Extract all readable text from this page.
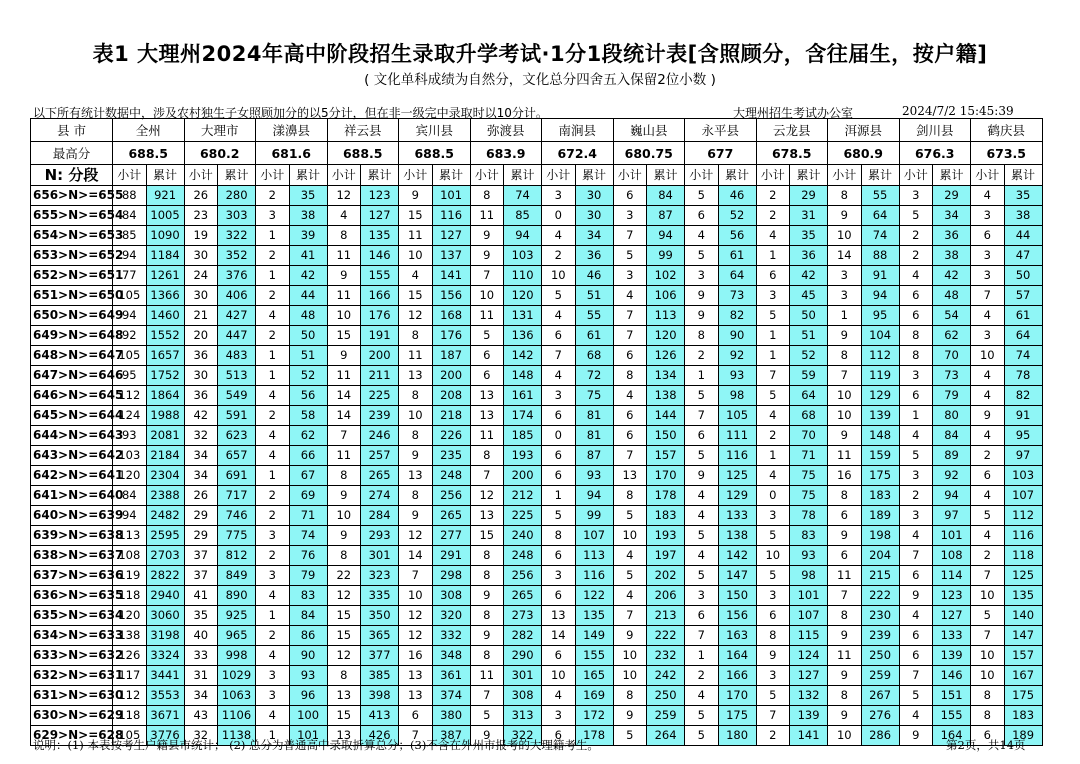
表1 大理州2024年高中阶段招生录取升学考试·1分1段统计表[含照顾分，含往届生，按户籍]
( 文化单科成绩为自然分，文化总分四舍五入保留2位小数 )
以下所有统计数据中，涉及农村独生子女照顾加分的以5分计，但在非一级完中录取时以10分计。	大理州招生考试办公室	2024/7/2 15:45:39
县 市	全州		大理市		漾濞县		祥云县		宾川县		弥渡县		南涧县		巍山县		永平县		云龙县		洱源县		剑川县		鹤庆县	
最高分	688.5		680.2		681.6		688.5		688.5		683.9		672.4		680.75		677		678.5		680.9		676.3		673.5	
N: 分段	小计	累计	小计	累计	小计	累计	小计	累计	小计	累计	小计	累计	小计	累计	小计	累计	小计	累计	小计	累计	小计	累计	小计	累计	小计	累计
656>N>=655	88	921	26	280	2	35	12	123	9	101	8	74	3	30	6	84	5	46	2	29	8	55	3	29	4	35
655>N>=654	84	1005	23	303	3	38	4	127	15	116	11	85	0	30	3	87	6	52	2	31	9	64	5	34	3	38
654>N>=653	85	1090	19	322	1	39	8	135	11	127	9	94	4	34	7	94	4	56	4	35	10	74	2	36	6	44
653>N>=652	94	1184	30	352	2	41	11	146	10	137	9	103	2	36	5	99	5	61	1	36	14	88	2	38	3	47
652>N>=651	77	1261	24	376	1	42	9	155	4	141	7	110	10	46	3	102	3	64	6	42	3	91	4	42	3	50
651>N>=650	105	1366	30	406	2	44	11	166	15	156	10	120	5	51	4	106	9	73	3	45	3	94	6	48	7	57
650>N>=649	94	1460	21	427	4	48	10	176	12	168	11	131	4	55	7	113	9	82	5	50	1	95	6	54	4	61
649>N>=648	92	1552	20	447	2	50	15	191	8	176	5	136	6	61	7	120	8	90	1	51	9	104	8	62	3	64
648>N>=647	105	1657	36	483	1	51	9	200	11	187	6	142	7	68	6	126	2	92	1	52	8	112	8	70	10	74
647>N>=646	95	1752	30	513	1	52	11	211	13	200	6	148	4	72	8	134	1	93	7	59	7	119	3	73	4	78
646>N>=645	112	1864	36	549	4	56	14	225	8	208	13	161	3	75	4	138	5	98	5	64	10	129	6	79	4	82
645>N>=644	124	1988	42	591	2	58	14	239	10	218	13	174	6	81	6	144	7	105	4	68	10	139	1	80	9	91
644>N>=643	93	2081	32	623	4	62	7	246	8	226	11	185	0	81	6	150	6	111	2	70	9	148	4	84	4	95
643>N>=642	103	2184	34	657	4	66	11	257	9	235	8	193	6	87	7	157	5	116	1	71	11	159	5	89	2	97
642>N>=641	120	2304	34	691	1	67	8	265	13	248	7	200	6	93	13	170	9	125	4	75	16	175	3	92	6	103
641>N>=640	84	2388	26	717	2	69	9	274	8	256	12	212	1	94	8	178	4	129	0	75	8	183	2	94	4	107
640>N>=639	94	2482	29	746	2	71	10	284	9	265	13	225	5	99	5	183	4	133	3	78	6	189	3	97	5	112
639>N>=638	113	2595	29	775	3	74	9	293	12	277	15	240	8	107	10	193	5	138	5	83	9	198	4	101	4	116
638>N>=637	108	2703	37	812	2	76	8	301	14	291	8	248	6	113	4	197	4	142	10	93	6	204	7	108	2	118
637>N>=636	119	2822	37	849	3	79	22	323	7	298	8	256	3	116	5	202	5	147	5	98	11	215	6	114	7	125
636>N>=635	118	2940	41	890	4	83	12	335	10	308	9	265	6	122	4	206	3	150	3	101	7	222	9	123	10	135
635>N>=634	120	3060	35	925	1	84	15	350	12	320	8	273	13	135	7	213	6	156	6	107	8	230	4	127	5	140
634>N>=633	138	3198	40	965	2	86	15	365	12	332	9	282	14	149	9	222	7	163	8	115	9	239	6	133	7	147
633>N>=632	126	3324	33	998	4	90	12	377	16	348	8	290	6	155	10	232	1	164	9	124	11	250	6	139	10	157
632>N>=631	117	3441	31	1029	3	93	8	385	13	361	11	301	10	165	10	242	2	166	3	127	9	259	7	146	10	167
631>N>=630	112	3553	34	1063	3	96	13	398	13	374	7	308	4	169	8	250	4	170	5	132	8	267	5	151	8	175
630>N>=629	118	3671	43	1106	4	100	15	413	6	380	5	313	3	172	9	259	5	175	7	139	9	276	4	155	8	183
629>N>=628	105	3776	32	1138	1	101	13	426	7	387	9	322	6	178	5	264	5	180	2	141	10	286	9	164	6	189
说明：(1) 本表按考生户籍县市统计； (2) 总分为普通高中录取折算总分；(3)不含在外州市报考的大理籍考生。	第2页，共14页
